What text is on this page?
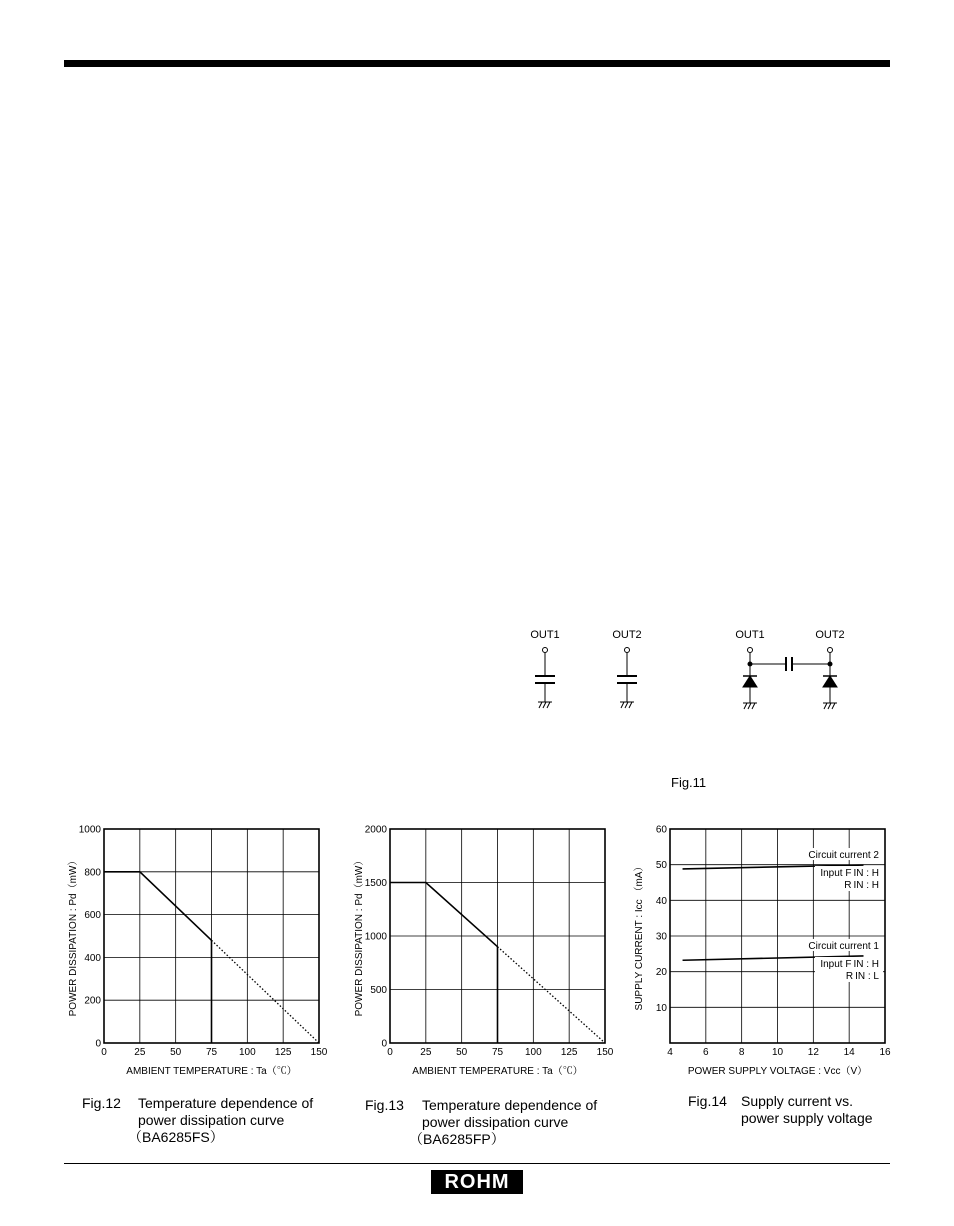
OUT1	OUT2	OUT1	OUT2
Fig.11
0	25 50 75 100 125 150
0
200
400
600
800
1000
AMBIENT TEMPERATURE : Ta（℃）
POWER DISSIPATION : Pd（mW）
0	25 50 75 100 125 150
0
500
1000
1500
2000
AMBIENT TEMPERATURE : Ta（℃）
POWER DISSIPATION : Pd（mW）
4	6	8	10 12 14 16
10
20
30
40
50
60
POWER SUPPLY VOLTAGE : Vcc（V）
SUPPLY CURRENT : Icc （mA）
Circuit current 2
Input F IN : H
R IN : H
Circuit current 1
Input F IN : H
R IN : L
Fig.12 Temperature dependence of
power dissipation curve
（BA6285FS）
Fig.13 Temperature dependence of
power dissipation curve
（BA6285FP）
Fig.14 Supply current vs.
power supply voltage
ROHM
